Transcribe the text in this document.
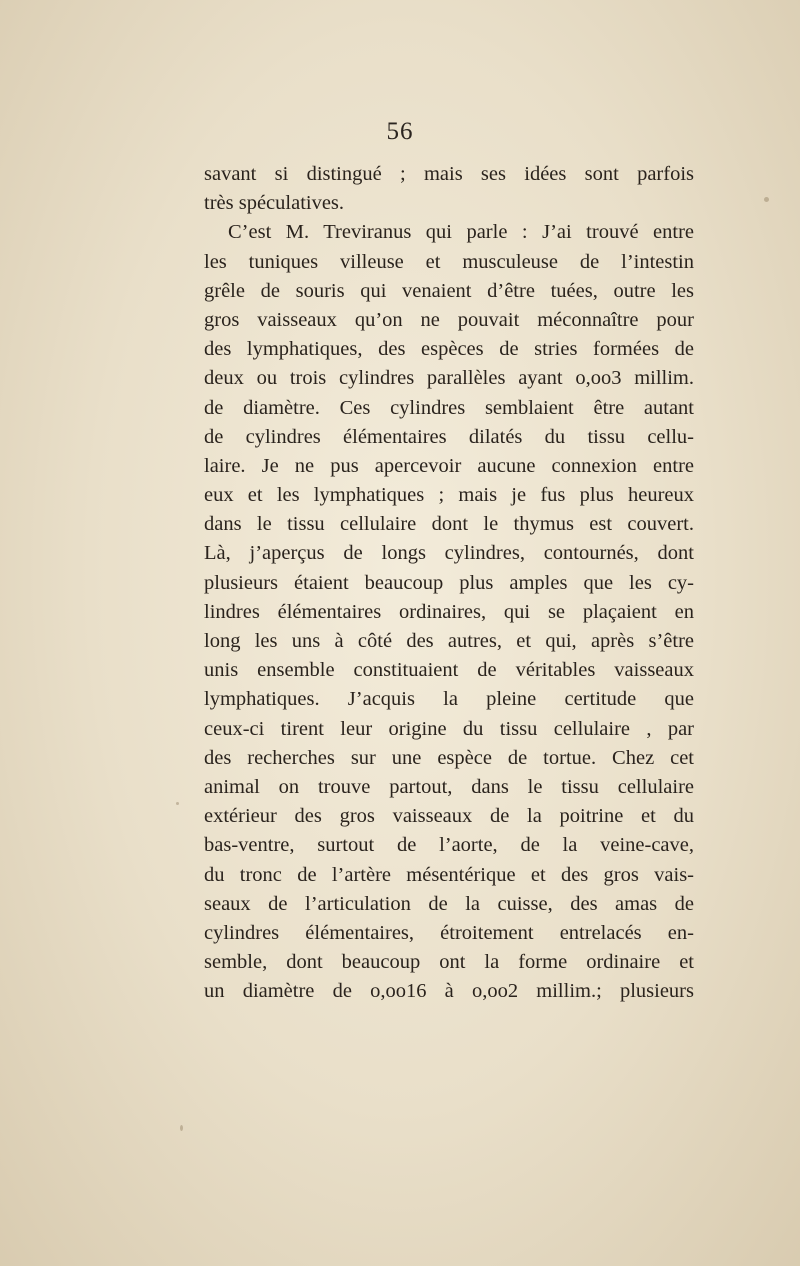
56
savant si distingué ; mais ses idées sont parfois
très spéculatives.
C’est M. Treviranus qui parle : J’ai trouvé entre
les tuniques villeuse et musculeuse de l’intestin
grêle de souris qui venaient d’être tuées, outre les
gros vaisseaux qu’on ne pouvait méconnaître pour
des lymphatiques, des espèces de stries formées de
deux ou trois cylindres parallèles ayant o,oo3 millim.
de diamètre. Ces cylindres semblaient être autant
de cylindres élémentaires dilatés du tissu cellu-
laire. Je ne pus apercevoir aucune connexion entre
eux et les lymphatiques ; mais je fus plus heureux
dans le tissu cellulaire dont le thymus est couvert.
Là, j’aperçus de longs cylindres, contournés, dont
plusieurs étaient beaucoup plus amples que les cy-
lindres élémentaires ordinaires, qui se plaçaient en
long les uns à côté des autres, et qui, après s’être
unis ensemble constituaient de véritables vaisseaux
lymphatiques. J’acquis la pleine certitude que
ceux-ci tirent leur origine du tissu cellulaire , par
des recherches sur une espèce de tortue. Chez cet
animal on trouve partout, dans le tissu cellulaire
extérieur des gros vaisseaux de la poitrine et du
bas-ventre, surtout de l’aorte, de la veine-cave,
du tronc de l’artère mésentérique et des gros vais-
seaux de l’articulation de la cuisse, des amas de
cylindres élémentaires, étroitement entrelacés en-
semble, dont beaucoup ont la forme ordinaire et
un diamètre de o,oo16 à o,oo2 millim.; plusieurs
